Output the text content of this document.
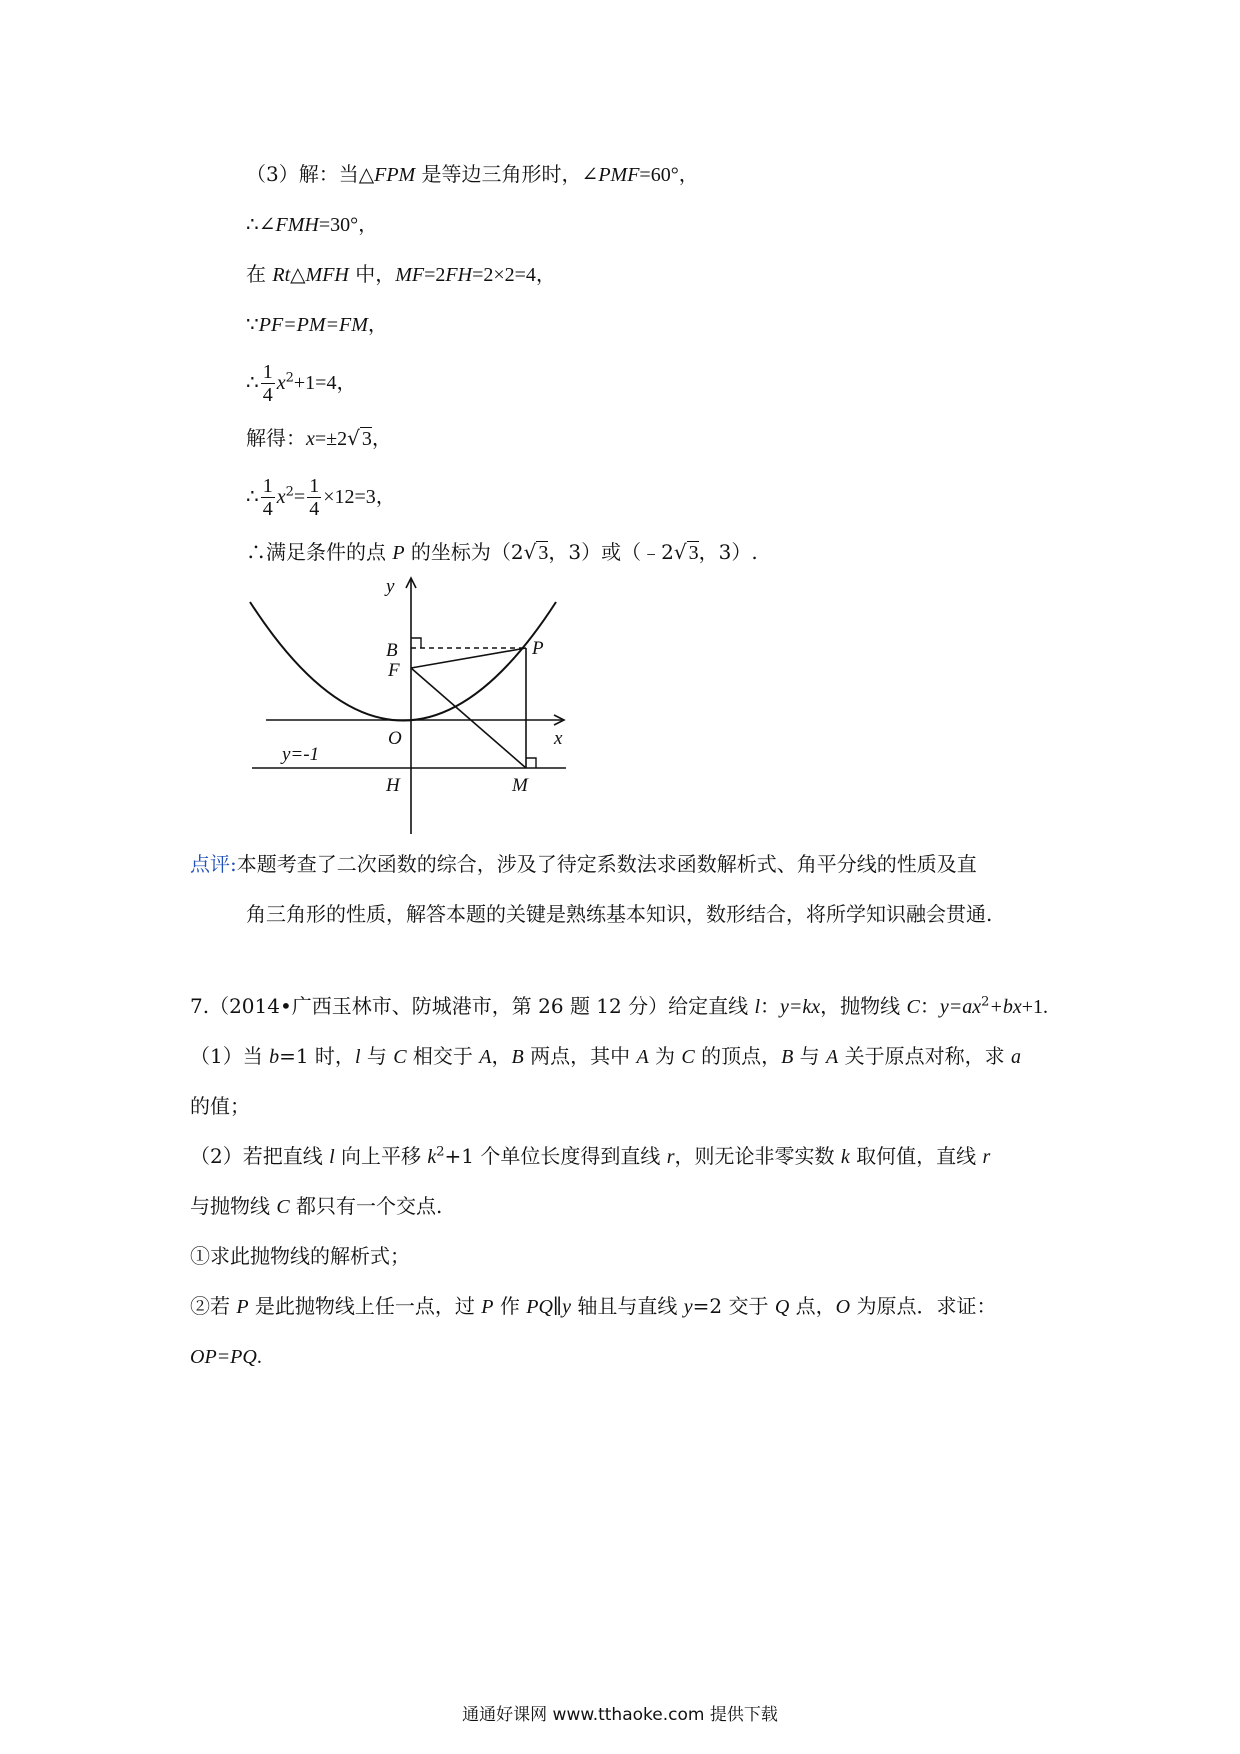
（3）解：当△FPM 是等边三角形时，∠PMF=60°，
∴∠FMH=30°，
在 Rt△MFH 中，MF=2FH=2×2=4，
∵PF=PM=FM，
∴ $\frac{1}{4} x^2+1=4$，
解得：x=±2√ 3，
∴ $\frac{1}{4} x^2= \frac{1}{4} \times 12=3$，
∴满足条件的点 P 的坐标为（2√ 3，3）或（﹣2√ 3，3）.
y
x
B	P
F
O
H	M
y=-1
点评:本题考查了二次函数的综合，涉及了待定系数法求函数解析式、角平分线的性质及直
角三角形的性质，解答本题的关键是熟练基本知识，数形结合，将所学知识融会贯通.
7.（2014•广西玉林市、防城港市，第 26 题 12 分）给定直线 l：y=kx，抛物线 C：$y=ax^2+bx+1$.
（1）当 b=1 时，l 与 C 相交于 A，B 两点，其中 A 为 C 的顶点，B 与 A 关于原点对称，求 a
的值；
（2）若把直线 l 向上平移 $k^2+1$ 个单位长度得到直线 r，则无论非零实数 k 取何值，直线 r
与抛物线 C 都只有一个交点.
①求此抛物线的解析式；
②若 P 是此抛物线上任一点，过 P 作 PQ∥y 轴且与直线 y=2 交于 Q 点，O 为原点．求证：
OP=PQ.
通通好课网 www.tthaoke.com 提供下载
